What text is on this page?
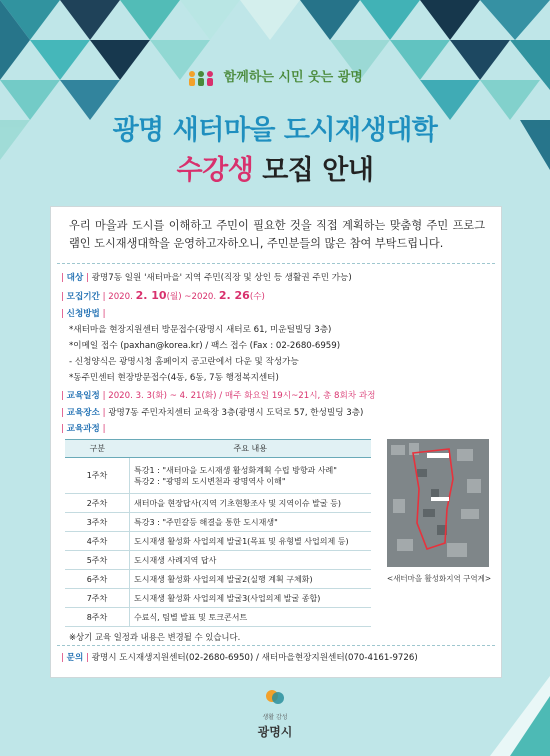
함께하는 시민 웃는 광명
광명 새터마을 도시재생대학
수강생 모집 안내
우리 마을과 도시를 이해하고 주민이 필요한 것을 직접 계획하는 맞춤형 주민 프로그램인 도시재생대학을 운영하고자하오니, 주민분들의 많은 참여 부탁드립니다.
| 대상 | 광명7동 일원 '새터마을' 지역 주민(직장 및 상인 등 생활권 주민 가능)
| 모집기간 | 2020. 2. 10(월) ~2020. 2. 26(수)
| 신청방법 |
*새터마을 현장지원센터 방문접수(광명시 새터로 61, 미운털빌딩 3층)
*이메일 접수 (paxhan@korea.kr) / 팩스 접수 (Fax : 02-2680-6959)
- 신청양식은 광명시청 홈페이지 공고란에서 다운 및 작성가능
*동주민센터 현장방문접수(4동, 6동, 7동 행정복지센터)
| 교육일정 | 2020. 3. 3(화) ~ 4. 21(화) / 매주 화요일 19시~21시, 총 8회차 과정
| 교육장소 | 광명7동 주민자치센터 교육장 3층(광명시 도덕로 57, 한성빌딩 3층)
| 교육과정 |
구분	주요 내용
1주차	특강1 : "새터마을 도시재생 활성화계획 수립 방향과 사례"
특강2 : "광명의 도시변천과 광명역사 이해"

2주차	새터마을 현장답사(지역 기초현황조사 및 지역이슈 발굴 등)
3주차	특강3 : "주민갈등 해결을 통한 도시재생"
4주차	도시재생 활성화 사업의제 발굴1(목표 및 유형별 사업의제 등)
5주차	도시재생 사례지역 답사
6주차	도시재생 활성화 사업의제 발굴2(실행 계획 구체화)
7주차	도시재생 활성화 사업의제 발굴3(사업의제 발굴 종합)
8주차	수료식, 팀별 발표 및 토크콘서트
<새터마을 활성화지역 구역계>
※상기 교육 일정과 내용은 변경될 수 있습니다.
| 문의 | 광명시 도시재생지원센터(02-2680-6950) / 새터마을현장지원센터(070-4161-9726)
생활 감성
광명시
